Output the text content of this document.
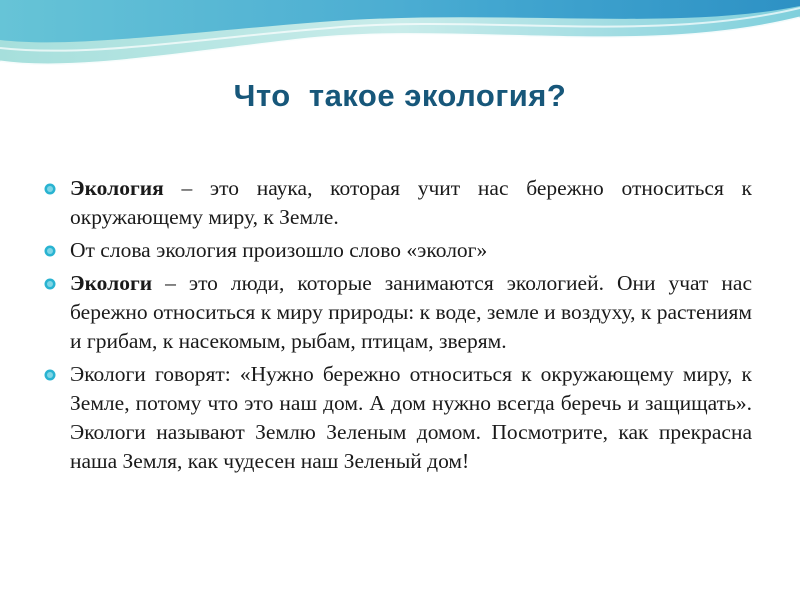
Что  такое экология?
Экология – это наука, которая учит нас бережно относиться к окружающему миру, к Земле.
От слова экология произошло слово «эколог»
Экологи – это люди, которые занимаются экологией. Они учат нас бережно относиться к миру природы: к воде, земле и воздуху, к растениям и грибам, к насекомым, рыбам, птицам, зверям.
Экологи говорят: «Нужно бережно относиться к окружающему миру, к Земле, потому что это наш дом. А дом нужно всегда беречь и защищать». Экологи называют Землю Зеленым домом. Посмотрите, как прекрасна наша Земля, как чудесен наш Зеленый дом!
